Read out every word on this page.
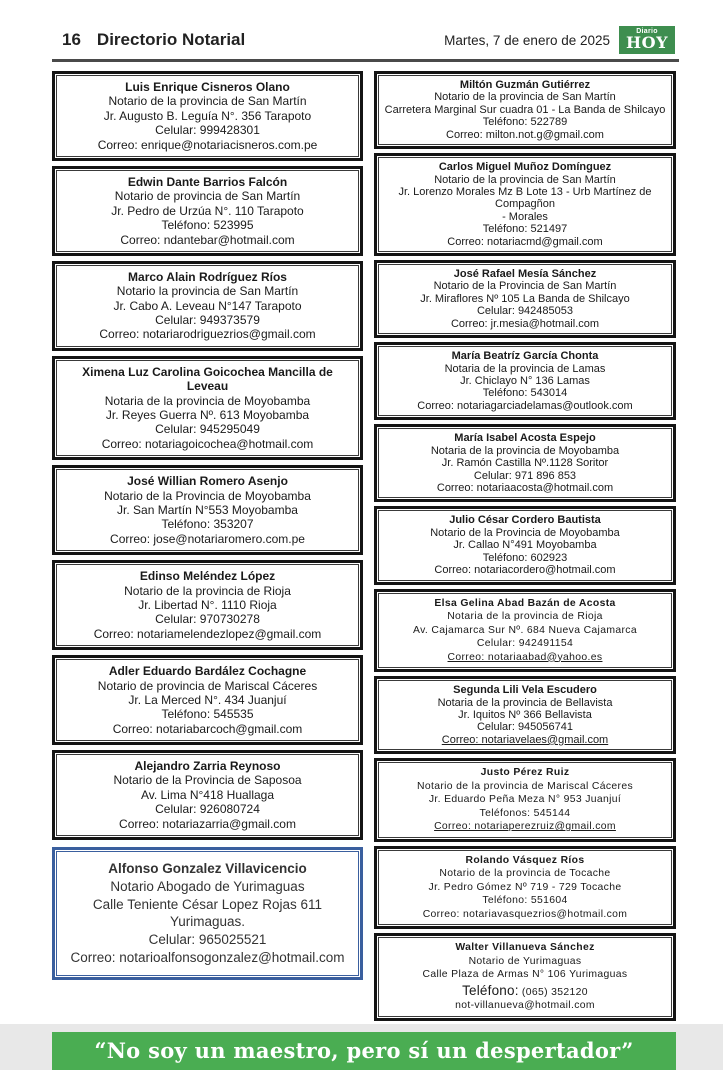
16 Directorio Notarial	Martes, 7 de enero de 2025
Diario
HOY
Luis Enrique Cisneros Olano
Notario de la provincia de San Martín
Jr. Augusto B. Leguía N°. 356 Tarapoto
Celular: 999428301
Correo: enrique@notariacisneros.com.pe
Edwin Dante Barrios Falcón
Notario de provincia de San Martín
Jr. Pedro de Urzúa N°. 110 Tarapoto
Teléfono: 523995
Correo: ndantebar@hotmail.com
Marco Alain Rodríguez Ríos
Notario la provincia de San Martín
Jr. Cabo A. Leveau N°147 Tarapoto
Celular: 949373579
Correo: notariarodriguezrios@gmail.com
Ximena Luz Carolina Goicochea Mancilla de Leveau
Notaria de la provincia de Moyobamba
Jr. Reyes Guerra Nº. 613 Moyobamba
Celular: 945295049
Correo: notariagoicochea@hotmail.com
José Willian Romero Asenjo
Notario de la Provincia de Moyobamba
Jr. San Martín N°553 Moyobamba
Teléfono: 353207
Correo: jose@notariaromero.com.pe
Edinso Meléndez López
Notario de la provincia de Rioja
Jr. Libertad N°. 1110 Rioja
Celular: 970730278
Correo: notariamelendezlopez@gmail.com
Adler Eduardo Bardález Cochagne
Notario de provincia de Mariscal Cáceres
Jr. La Merced N°. 434 Juanjuí
Teléfono: 545535
Correo: notariabarcoch@gmail.com
Alejandro Zarria Reynoso
Notario de la Provincia de Saposoa
Av. Lima N°418 Huallaga
Celular: 926080724
Correo: notariazarria@gmail.com
Alfonso Gonzalez Villavicencio
Notario Abogado de Yurimaguas
Calle Teniente César Lopez Rojas 611 Yurimaguas.
Celular: 965025521
Correo: notarioalfonsogonzalez@hotmail.com
Miltón Guzmán Gutiérrez
Notario de la provincia de San Martín
Carretera Marginal Sur cuadra 01 - La Banda de Shilcayo
Teléfono: 522789
Correo: milton.not.g@gmail.com
Carlos Miguel Muñoz Domínguez
Notario de la provincia de San Martín
Jr. Lorenzo Morales Mz B Lote 13 - Urb Martínez de Compagñon
- Morales
Teléfono: 521497
Correo: notariacmd@gmail.com
José Rafael Mesía Sánchez
Notario de la Provincia de San Martín
Jr. Miraflores Nº 105 La Banda de Shilcayo
Celular: 942485053
Correo: jr.mesia@hotmail.com
María Beatríz García Chonta
Notaria de la provincia de Lamas
Jr. Chiclayo N° 136 Lamas
Teléfono: 543014
Correo: notariagarciadelamas@outlook.com
María Isabel Acosta Espejo
Notaria de la provincia de Moyobamba
Jr. Ramón Castilla Nº.1128 Soritor
Celular: 971 896 853
Correo: notariaacosta@hotmail.com
Julio César Cordero Bautista
Notario de la Provincia de Moyobamba
Jr. Callao N°491 Moyobamba
Teléfono: 602923
Correo: notariacordero@hotmail.com
Elsa Gelina Abad Bazán de Acosta
Notaria de la provincia de Rioja
Av. Cajamarca Sur Nº. 684 Nueva Cajamarca
Celular: 942491154
Correo: notariaabad@yahoo.es
Segunda Lili Vela Escudero
Notaria de la provincia de Bellavista
Jr. Iquitos Nº 366 Bellavista
Celular: 945056741
Correo: notariavelaes@gmail.com
Justo Pérez Ruiz
Notario de la provincia de Mariscal Cáceres
Jr. Eduardo Peña Meza N° 953 Juanjuí
Teléfonos: 545144
Correo: notariaperezruiz@gmail.com
Rolando Vásquez Ríos
Notario de la provincia de Tocache
Jr. Pedro Gómez Nº 719 - 729 Tocache
Teléfono: 551604
Correo: notariavasquezrios@hotmail.com
Walter Villanueva Sánchez
Notario de Yurimaguas
Calle Plaza de Armas N° 106 Yurimaguas
Teléfono: (065) 352120
not-villanueva@hotmail.com
“No soy un maestro, pero sí un despertador”
